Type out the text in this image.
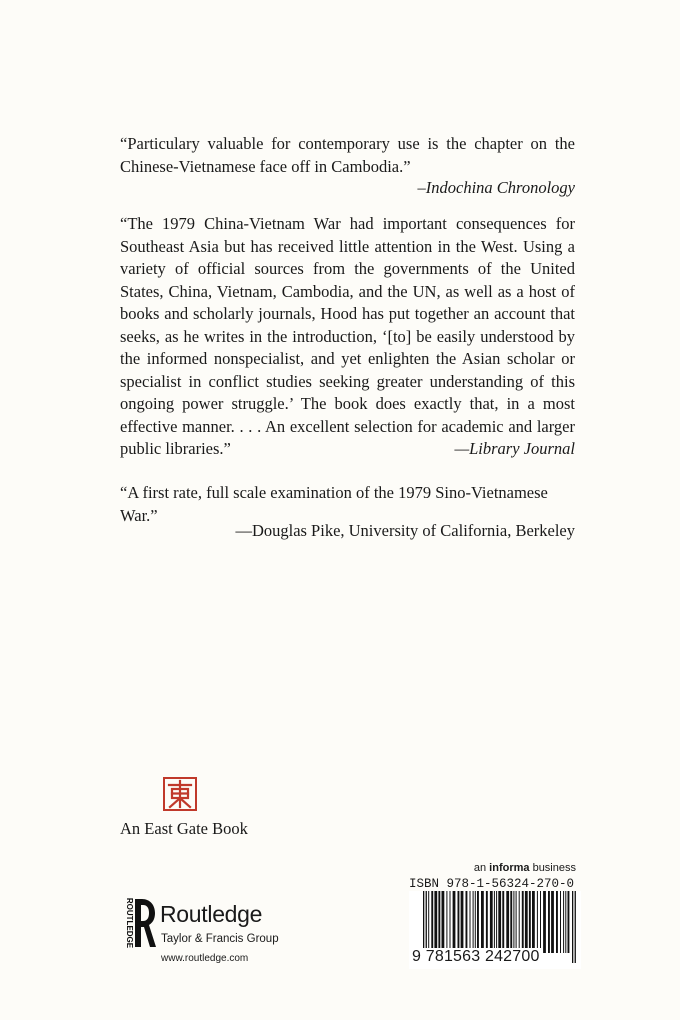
“Particulary valuable for contemporary use is the chapter on the Chinese-Vietnamese face off in Cambodia.”

–Indochina Chronology

“The 1979 China-Vietnam War had important consequences for Southeast Asia but has received little attention in the West. Using a variety of official sources from the governments of the United States, China, Vietnam, Cambodia, and the UN, as well as a host of books and scholarly journals, Hood has put together an account that seeks, as he writes in the introduction, ‘[to] be easily understood by the informed nonspecialist, and yet enlighten the Asian scholar or specialist in conflict studies seeking greater understanding of this ongoing power struggle.’ The book does exactly that, in a most effective manner. . . . An excellent selection for academic and larger public libraries.”	—Library Journal

“A first rate, full scale examination of the 1979 Sino-Vietnamese War.”

—Douglas Pike, University of California, Berkeley
An East Gate Book
ROUTLEDGE Routledge
Taylor & Francis Group
www.routledge.com
an informa business
ISBN 978-1-56324-270-0
9 781563 242700
